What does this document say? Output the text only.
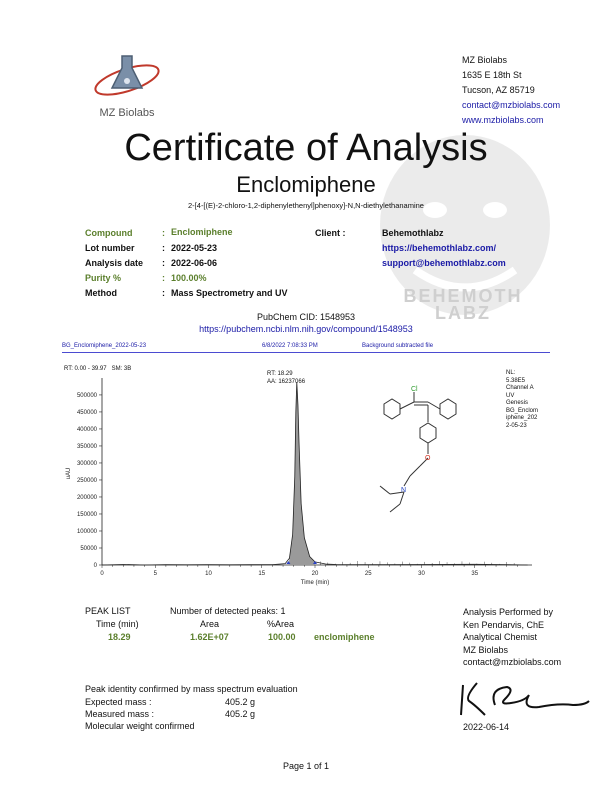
BEHEMOTH LABZ
MZ Biolabs
MZ Biolabs
1635 E 18th St
Tucson, AZ 85719
contact@mzbiolabs.com
www.mzbiolabs.com
Certificate of Analysis
Enclomiphene
2-[4-[(E)-2-chloro-1,2-diphenylethenyl]phenoxy]-N,N-diethylethanamine
Compound	: Enclomiphene
Lot number	: 2022-05-23
Analysis date : 2022-06-06
Purity %	: 100.00%
Method	: Mass Spectrometry and UV
Client :	Behemothlabz
https://behemothlabz.com/
support@behemothlabz.com
PubChem CID: 1548953
https://pubchem.ncbi.nlm.nih.gov/compound/1548953
BG_Enclomiphene_2022-05-23	6/8/2022 7:08:33 PM	Background subtracted file
RT: 0.00 - 39.97   SM: 3B
0
50000
100000
150000
200000
250000
300000
350000
400000
450000
500000
0	5	10	15	20	25	30	35
Time (min)
uAU
Cl
O
N
RT: 18.29
AA: 16237066
NL:
5.38E5
Channel A
UV
Genesis
BG_Enclom
iphene_202
2-05-23
PEAK LIST	Number of detected peaks: 1
Time (min)	Area	%Area
18.29	1.62E+07	100.00 enclomiphene
Analysis Performed by
Ken Pendarvis, ChE
Analytical Chemist
MZ Biolabs
contact@mzbiolabs.com
2022-06-14
Peak identity confirmed by mass spectrum evaluation
Expected mass :	405.2 g
Measured mass :	405.2 g
Molecular weight confirmed
Page 1 of 1
